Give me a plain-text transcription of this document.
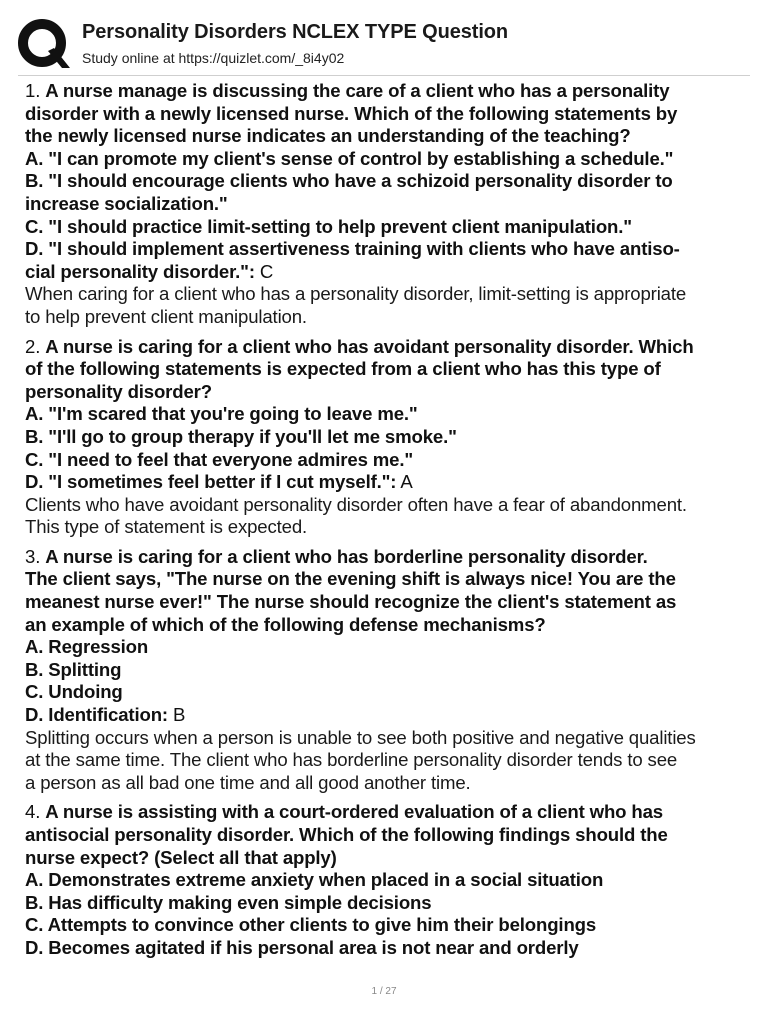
Personality Disorders NCLEX TYPE Question
Study online at https://quizlet.com/_8i4y02
1. A nurse manage is discussing the care of a client who has a personality
disorder with a newly licensed nurse. Which of the following statements by
the newly licensed nurse indicates an understanding of the teaching?
A. "I can promote my client's sense of control by establishing a schedule."
B. "I should encourage clients who have a schizoid personality disorder to
increase socialization."
C. "I should practice limit-setting to help prevent client manipulation."
D. "I should implement assertiveness training with clients who have antiso-
cial personality disorder.": C
When caring for a client who has a personality disorder, limit-setting is appropriate
to help prevent client manipulation.
2. A nurse is caring for a client who has avoidant personality disorder. Which
of the following statements is expected from a client who has this type of
personality disorder?
A. "I'm scared that you're going to leave me."
B. "I'll go to group therapy if you'll let me smoke."
C. "I need to feel that everyone admires me."
D. "I sometimes feel better if I cut myself.": A
Clients who have avoidant personality disorder often have a fear of abandonment.
This type of statement is expected.
3. A nurse is caring for a client who has borderline personality disorder.
The client says, "The nurse on the evening shift is always nice! You are the
meanest nurse ever!" The nurse should recognize the client's statement as
an example of which of the following defense mechanisms?
A. Regression
B. Splitting
C. Undoing
D. Identification: B
Splitting occurs when a person is unable to see both positive and negative qualities
at the same time. The client who has borderline personality disorder tends to see
a person as all bad one time and all good another time.
4. A nurse is assisting with a court-ordered evaluation of a client who has
antisocial personality disorder. Which of the following findings should the
nurse expect? (Select all that apply)
A. Demonstrates extreme anxiety when placed in a social situation
B. Has difficulty making even simple decisions
C. Attempts to convince other clients to give him their belongings
D. Becomes agitated if his personal area is not near and orderly
1 / 27
